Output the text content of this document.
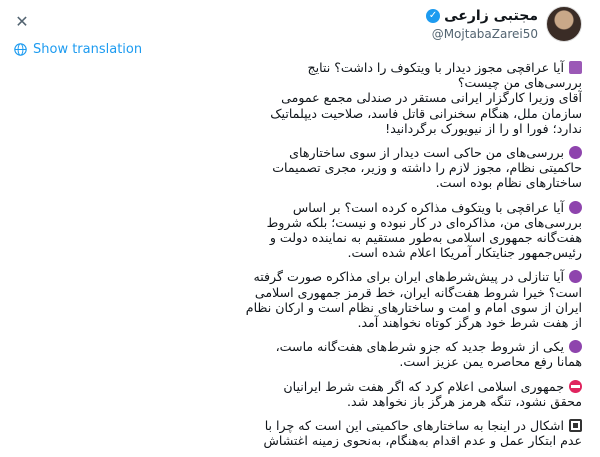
مجتبی زارعی
✓
@MojtabaZarei50
✕
Show translation
آیا عراقچی مجوز دیدار با ویتکوف را داشت؟ نتایج
بررسی‌های من چیست؟
آقای وزیرا کارگزار ایرانی مستقر در صندلی مجمع عمومی
سازمان ملل، هنگام سخنرانی قاتل فاسد، صلاحیت دیپلماتیک
ندارد؛ فورا او را از نیویورک برگردانید!
بررسی‌های من حاکی است دیدار از سوی ساختارهای
حاکمیتی نظام، مجوز لازم را داشته و وزیر، مجری تصمیمات
ساختارهای نظام بوده است.
آیا عراقچی با ویتکوف مذاکره کرده است؟ بر اساس
بررسی‌های من، مذاکره‌ای در کار نبوده و نیست؛ بلکه شروط
هفت‌گانه جمهوری اسلامی به‌طور مستقیم به نماینده دولت و
رئیس‌جمهور جنایتکار آمریکا اعلام شده است.
آیا تنازلی در پیش‌شرط‌های ایران برای مذاکره صورت گرفته
است؟ خیرا شروط هفت‌گانه ایران، خط قرمز جمهوری اسلامی
ایران از سوی امام و امت و ساختارهای نظام است و ارکان نظام
از هفت شرط خود هرگز کوتاه نخواهند آمد.
یکی از شروط جدید که جزو شرط‌های هفت‌گانه ماست،
همانا رفع محاصره یمن عزیز است.
جمهوری اسلامی اعلام کرد که اگر هفت شرط ایرانیان
محقق نشود، تنگه هرمز هرگز باز نخواهد شد.
اشکال در اینجا به ساختارهای حاکمیتی این است که چرا با
عدم ابتکار عمل و عدم اقدام به‌هنگام، به‌نحوی زمینه اغتشاش
